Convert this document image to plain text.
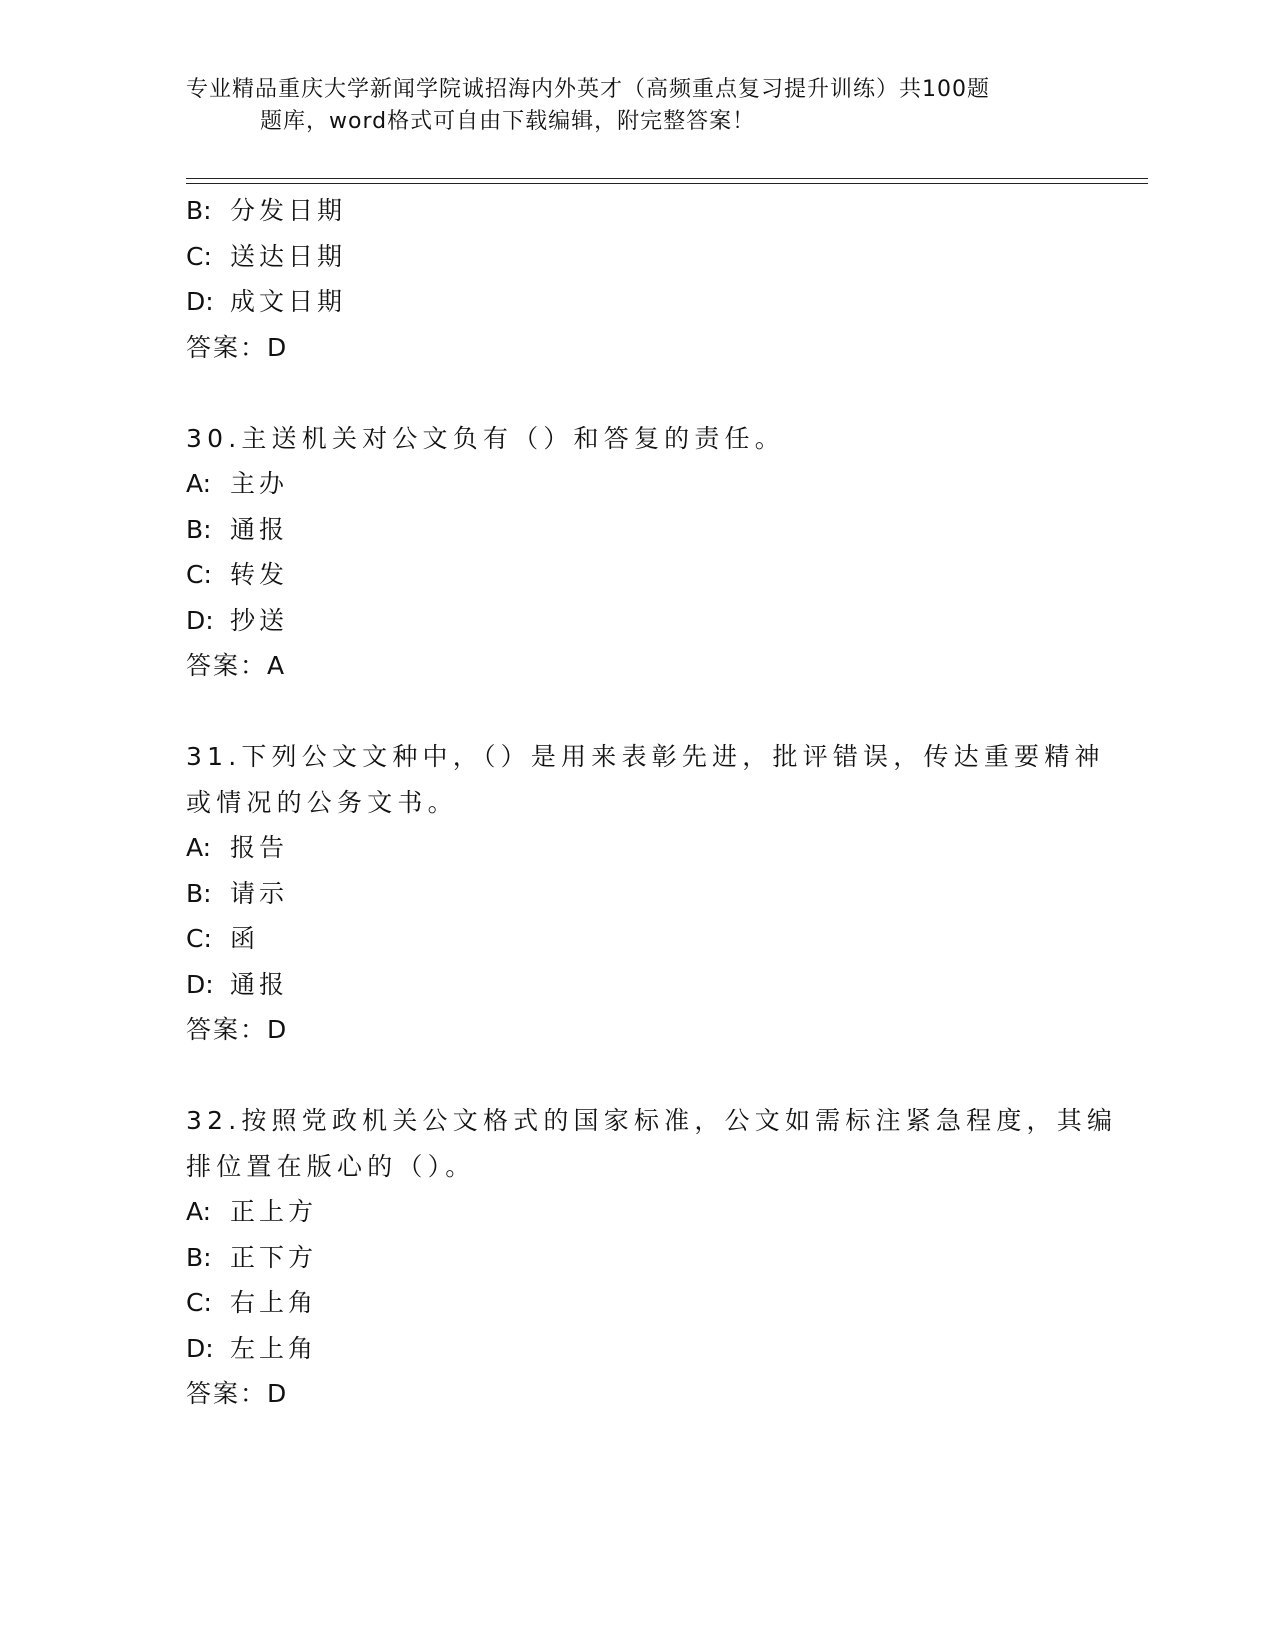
专业精品重庆大学新闻学院诚招海内外英才（高频重点复习提升训练）共100题
题库，word格式可自由下载编辑，附完整答案！
B: 分发日期
C: 送达日期
D: 成文日期
答案：D
30.主送机关对公文负有（）和答复的责任。
A: 主办
B: 通报
C: 转发
D: 抄送
答案：A
31.下列公文文种中，（）是用来表彰先进，批评错误，传达重要精神
或情况的公务文书。
A: 报告
B: 请示
C: 函
D: 通报
答案：D
32.按照党政机关公文格式的国家标准，公文如需标注紧急程度，其编
排位置在版心的（）。
A: 正上方
B: 正下方
C: 右上角
D: 左上角
答案：D
